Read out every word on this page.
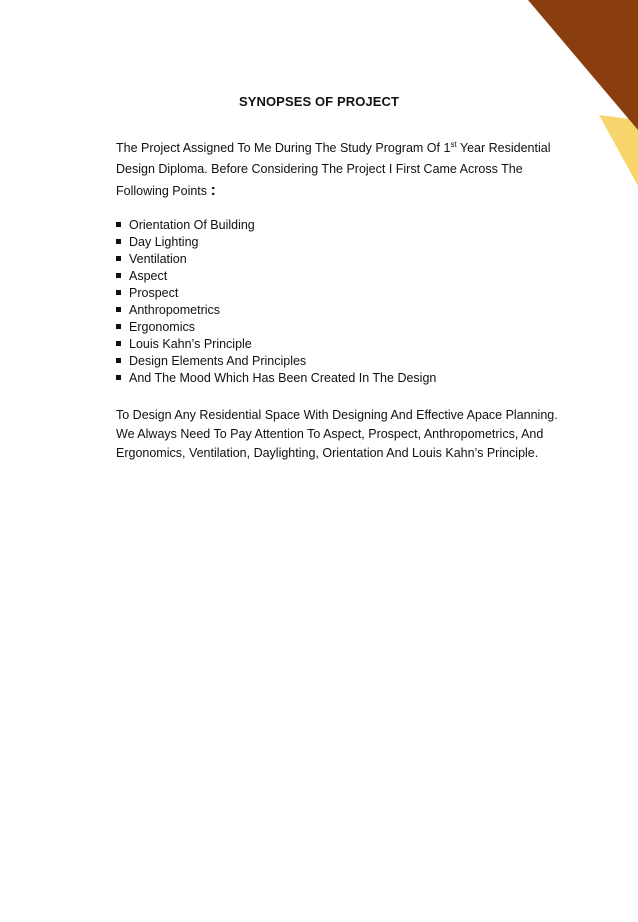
SYNOPSES OF PROJECT
The Project Assigned To Me During The Study Program Of 1st Year Residential Design Diploma. Before Considering The Project I First Came Across The Following Points :
Orientation Of Building
Day Lighting
Ventilation
Aspect
Prospect
Anthropometrics
Ergonomics
Louis Kahn’s Principle
Design Elements And Principles
And The Mood Which Has Been Created In The Design
To Design Any Residential Space With Designing And Effective Apace Planning. We Always Need To Pay Attention To Aspect, Prospect, Anthropometrics, And Ergonomics, Ventilation, Daylighting, Orientation And Louis Kahn’s Principle.
